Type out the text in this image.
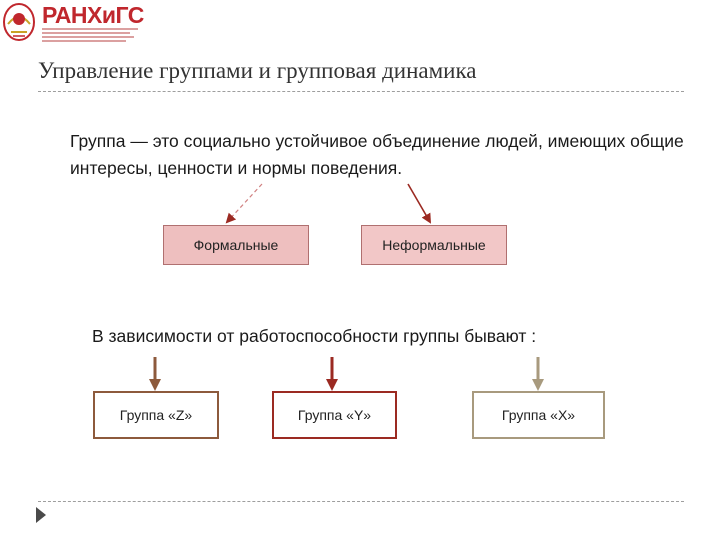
РАНХиГС
Управление группами и групповая динамика

Группа — это социально устойчивое объединение людей, имеющих общие интересы, ценности и нормы поведения.

Формальные	Неформальные

В зависимости от работоспособности группы бывают :

Группа «Z»	Группа «Y»	Группа «X»
